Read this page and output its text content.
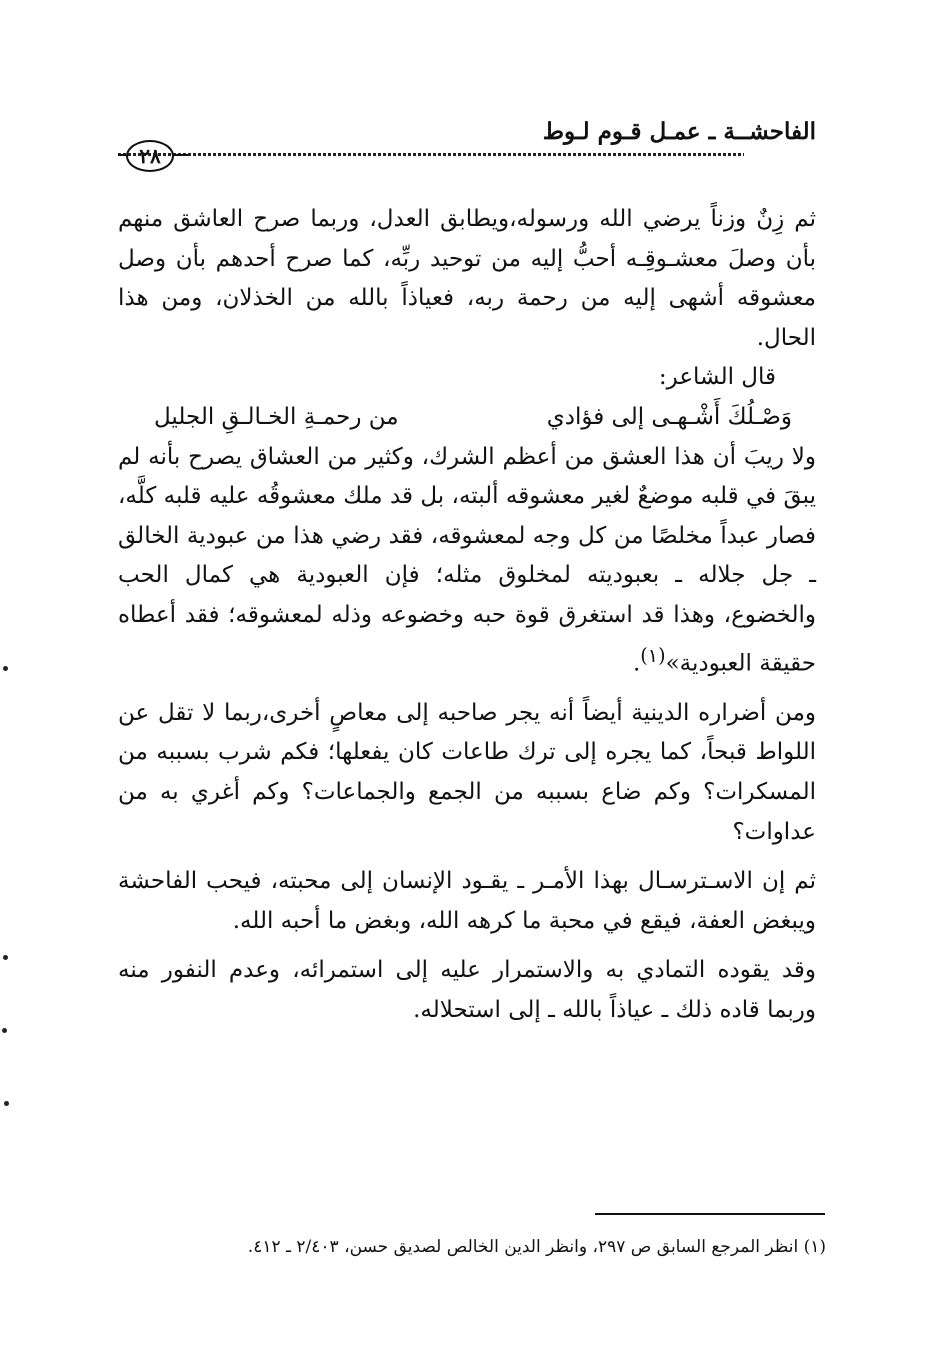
الفاحشــة ـ عمـل قـوم لـوط
٢٨

ثم زِنٌ وزناً يرضي الله ورسوله،ويطابق العدل، وربما صرح العاشق منهم بأن وصلَ معشـوقِـه أحبُّ إليه من توحيد ربِّه، كما صرح أحدهم بأن وصل معشوقه أشهى إليه من رحمة ربه، فعياذاً بالله من الخذلان، ومن هذا الحال.

قال الشاعر:

وَصْـلُكَ أَشْـهـى إلى فؤادي
من رحمـةِ الخـالـقِ الجليل

ولا ريبَ أن هذا العشق من أعظم الشرك، وكثير من العشاق يصرح بأنه لم يبقَ في قلبه موضعٌ لغير معشوقه ألبته، بل قد ملك معشوقُه عليه قلبه كلَّه، فصار عبداً مخلصًا من كل وجه لمعشوقه، فقد رضي هذا من عبودية الخالق ـ جل جلاله ـ بعبوديته لمخلوق مثله؛ فإن العبودية هي كمال الحب والخضوع، وهذا قد استغرق قوة حبه وخضوعه وذله لمعشوقه؛ فقد أعطاه حقيقة العبودية»$^{(١)}$.

ومن أضراره الدينية أيضاً أنه يجر صاحبه إلى معاصٍ أخرى،ربما لا تقل عن اللواط قبحاً، كما يجره إلى ترك طاعات كان يفعلها؛ فكم شرب بسببه من المسكرات؟ وكم ضاع بسببه من الجمع والجماعات؟ وكم أغري به من عداوات؟

ثم إن الاسـترسـال بهذا الأمـر ـ يقـود الإنسان إلى محبته، فيحب الفاحشة ويبغض العفة، فيقع في محبة ما كرهه الله، وبغض ما أحبه الله.

وقد يقوده التمادي به والاستمرار عليه إلى استمرائه، وعدم النفور منه وربما قاده ذلك ـ عياذاً بالله ـ إلى استحلاله.

(١) انظر المرجع السابق ص ٢٩٧، وانظر الدين الخالص لصديق حسن، ٢/٤٠٣ ـ ٤١٢.
